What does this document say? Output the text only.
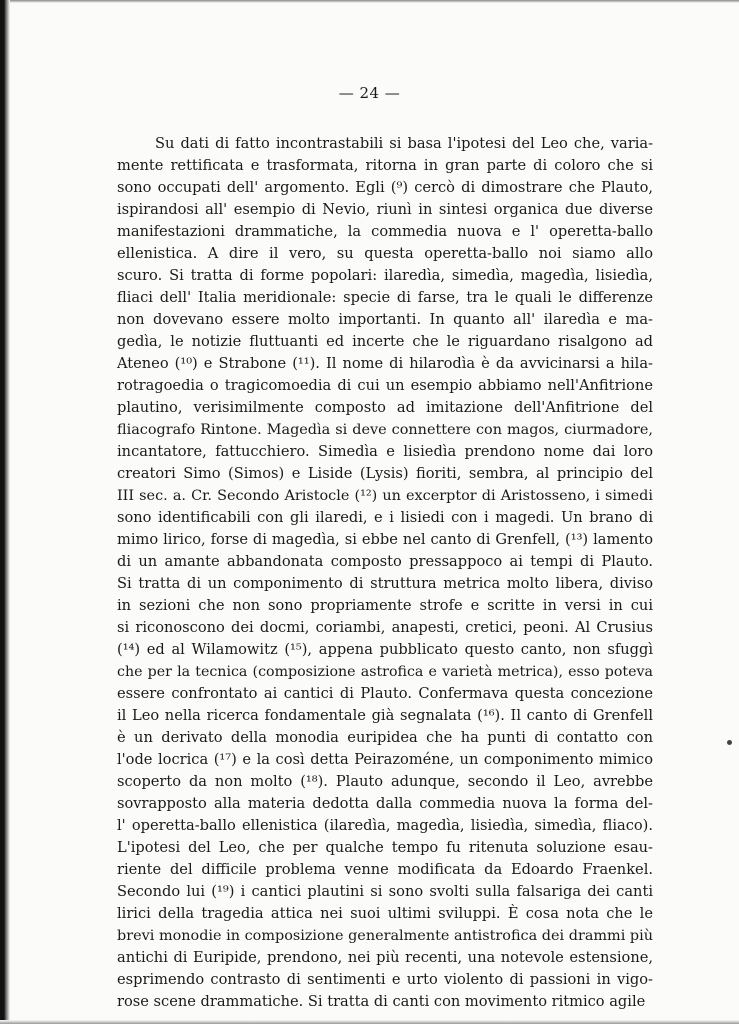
— 24 —
Su dati di fatto incontrastabili si basa l'ipotesi del Leo che, varia-
mente rettificata e trasformata, ritorna in gran parte di coloro che si
sono occupati dell' argomento. Egli (⁹) cercò di dimostrare che Plauto,
ispirandosi all' esempio di Nevio, riunì in sintesi organica due diverse
manifestazioni drammatiche, la commedia nuova e l' operetta-ballo
ellenistica. A dire il vero, su questa operetta-ballo noi siamo allo
scuro. Si tratta di forme popolari: ilaredìa, simedìa, magedìa, lisiedìa,
fliaci dell' Italia meridionale: specie di farse, tra le quali le differenze
non dovevano essere molto importanti. In quanto all' ilaredìa e ma-
gedìa, le notizie fluttuanti ed incerte che le riguardano risalgono ad
Ateneo (¹⁰) e Strabone (¹¹). Il nome di hilarodìa è da avvicinarsi a hila-
rotragoedia o tragicomoedia di cui un esempio abbiamo nell'Anfitrione
plautino, verisimilmente composto ad imitazione dell'Anfitrione del
fliacografo Rintone. Magedìa si deve connettere con magos, ciurmadore,
incantatore, fattucchiero. Simedìa e lisiedìa prendono nome dai loro
creatori Simo (Simos) e Liside (Lysis) fioriti, sembra, al principio del
III sec. a. Cr. Secondo Aristocle (¹²) un excerptor di Aristosseno, i simedi
sono identificabili con gli ilaredi, e i lisiedi con i magedi. Un brano di
mimo lirico, forse di magedìa, si ebbe nel canto di Grenfell, (¹³) lamento
di un amante abbandonata composto pressappoco ai tempi di Plauto.
Si tratta di un componimento di struttura metrica molto libera, diviso
in sezioni che non sono propriamente strofe e scritte in versi in cui
si riconoscono dei docmi, coriambi, anapesti, cretici, peoni. Al Crusius
(¹⁴) ed al Wilamowitz (¹⁵), appena pubblicato questo canto, non sfuggì
che per la tecnica (composizione astrofica e varietà metrica), esso poteva
essere confrontato ai cantici di Plauto. Confermava questa concezione
il Leo nella ricerca fondamentale già segnalata (¹⁶). Il canto di Grenfell
è un derivato della monodia euripidea che ha punti di contatto con
l'ode locrica (¹⁷) e la così detta Peirazoméne, un componimento mimico
scoperto da non molto (¹⁸). Plauto adunque, secondo il Leo, avrebbe
sovrapposto alla materia dedotta dalla commedia nuova la forma del-
l' operetta-ballo ellenistica (ilaredìa, magedìa, lisiedìa, simedìa, fliaco).
L'ipotesi del Leo, che per qualche tempo fu ritenuta soluzione esau-
riente del difficile problema venne modificata da Edoardo Fraenkel.
Secondo lui (¹⁹) i cantici plautini si sono svolti sulla falsariga dei canti
lirici della tragedia attica nei suoi ultimi sviluppi. È cosa nota che le
brevi monodie in composizione generalmente antistrofica dei drammi più
antichi di Euripide, prendono, nei più recenti, una notevole estensione,
esprimendo contrasto di sentimenti e urto violento di passioni in vigo-
rose scene drammatiche. Si tratta di canti con movimento ritmico agile
